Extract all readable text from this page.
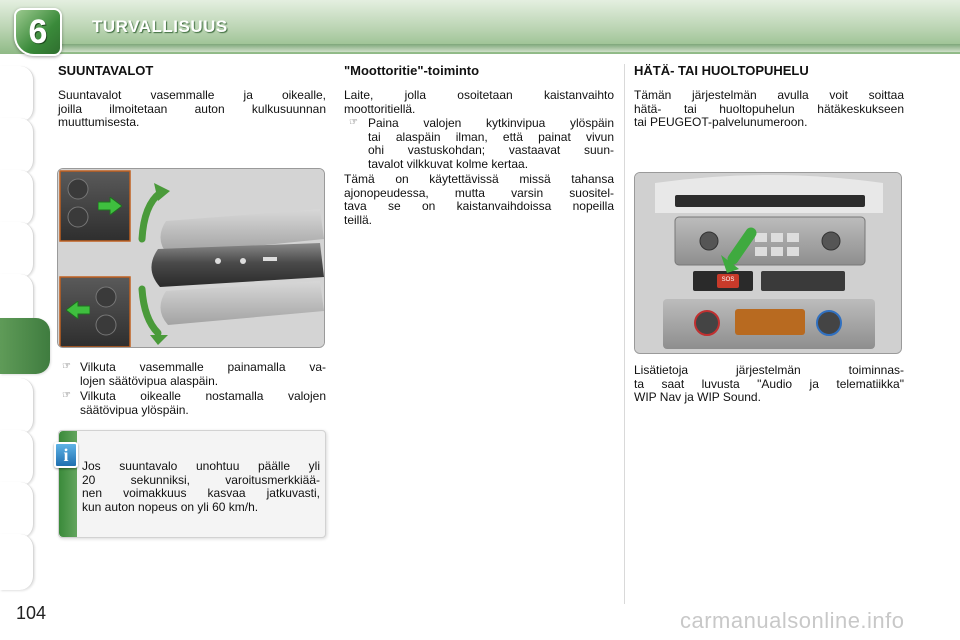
6	TURVALLISUUS
SUUNTAVALOT
Suuntavalot vasemmalle ja oikealle,
joilla ilmoitetaan auton kulkusuunnan
muuttumisesta.
☞ Vilkuta vasemmalle painamalla va-
lojen säätövipua alaspäin.
☞ Vilkuta oikealle nostamalla valojen
säätövipua ylöspäin.
i
Jos suuntavalo unohtuu päälle yli
20 sekunniksi, varoitusmerkkiää-
nen voimakkuus kasvaa jatkuvasti,
kun auton nopeus on yli 60 km/h.
"Moottoritie"-toiminto
Laite, jolla osoitetaan kaistanvaihto
moottoritiellä.
☞ Paina valojen kytkinvipua ylöspäin
tai alaspäin ilman, että painat vivun
ohi vastuskohdan; vastaavat suun-
tavalot vilkkuvat kolme kertaa.
Tämä on käytettävissä missä tahansa
ajonopeudessa, mutta varsin suositel-
tava se on kaistanvaihdoissa nopeilla
teillä.
HÄTÄ- TAI HUOLTOPUHELU
Tämän järjestelmän avulla voit soittaa
hätä- tai huoltopuhelun hätäkeskukseen
tai PEUGEOT-palvelunumeroon.
SOS
Lisätietoja järjestelmän toiminnas-
ta saat luvusta "Audio ja telematiikka"
WIP Nav ja WIP Sound.
104	carmanualsonline.info
